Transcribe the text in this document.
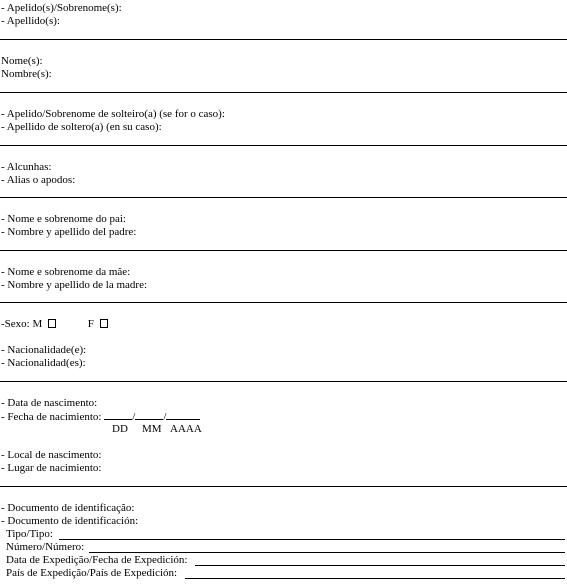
- Apelido(s)/Sobrenome(s):
- Apellido(s):
Nome(s):
Nombre(s):
- Apelido/Sobrenome de solteiro(a) (se for o caso):
- Apellido de soltero(a) (en su caso):
- Alcunhas:
- Alias o apodos:
- Nome e sobrenome do pai:
- Nombre y apellido del padre:
- Nome e sobrenome da mãe:
- Nombre y apellido de la madre:
-Sexo: M	F
- Nacionalidade(e):
- Nacionalidad(es):
- Data de nascimento:
- Fecha de nacimiento:	/	/
DD MM AAAA
- Local de nascimento:
- Lugar de nacimiento:
- Documento de identificação:
- Documento de identificación:
Tipo/Tipo:
Número/Número:
Data de Expedição/Fecha de Expedición:
País de Expedição/País de Expedición:
